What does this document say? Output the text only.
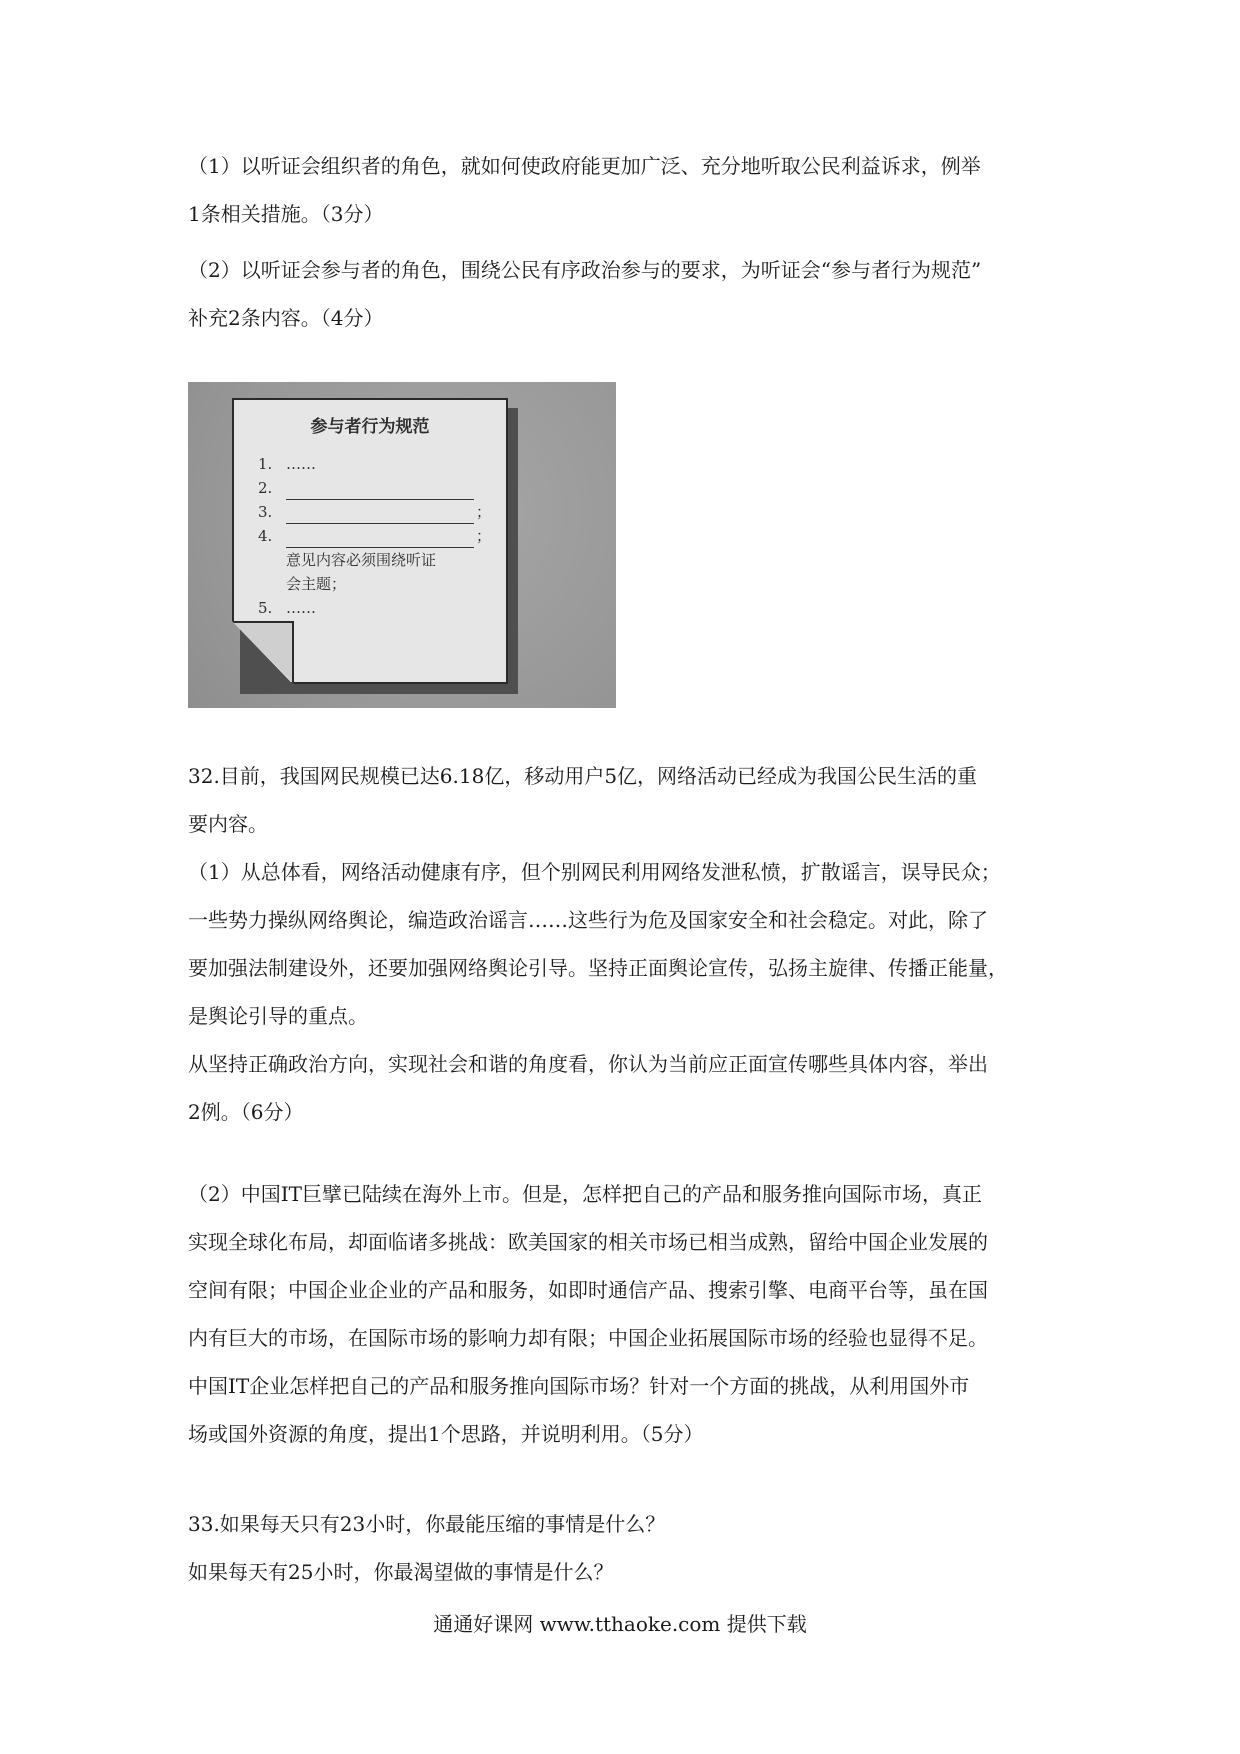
（1）以听证会组织者的角色，就如何使政府能更加广泛、充分地听取公民利益诉求，例举
1条相关措施。（3分）
（2）以听证会参与者的角色，围绕公民有序政治参与的要求，为听证会“参与者行为规范”
补充2条内容。（4分）
参与者行为规范
1. ……
2.
3.	；
4.	；
意见内容必须围绕听证
会主题；
5. ……
32.目前，我国网民规模已达6.18亿，移动用户5亿，网络活动已经成为我国公民生活的重
要内容。
（1）从总体看，网络活动健康有序，但个别网民利用网络发泄私愤，扩散谣言，误导民众；
一些势力操纵网络舆论，编造政治谣言……这些行为危及国家安全和社会稳定。对此，除了
要加强法制建设外，还要加强网络舆论引导。坚持正面舆论宣传，弘扬主旋律、传播正能量，
是舆论引导的重点。
从坚持正确政治方向，实现社会和谐的角度看，你认为当前应正面宣传哪些具体内容，举出
2例。（6分）
（2）中国IT巨擘已陆续在海外上市。但是，怎样把自己的产品和服务推向国际市场，真正
实现全球化布局，却面临诸多挑战：欧美国家的相关市场已相当成熟，留给中国企业发展的
空间有限；中国企业企业的产品和服务，如即时通信产品、搜索引擎、电商平台等，虽在国
内有巨大的市场，在国际市场的影响力却有限；中国企业拓展国际市场的经验也显得不足。
中国IT企业怎样把自己的产品和服务推向国际市场？针对一个方面的挑战，从利用国外市
场或国外资源的角度，提出1个思路，并说明利用。（5分）
33.如果每天只有23小时，你最能压缩的事情是什么？
如果每天有25小时，你最渴望做的事情是什么？
通通好课网 www.tthaoke.com 提供下载
